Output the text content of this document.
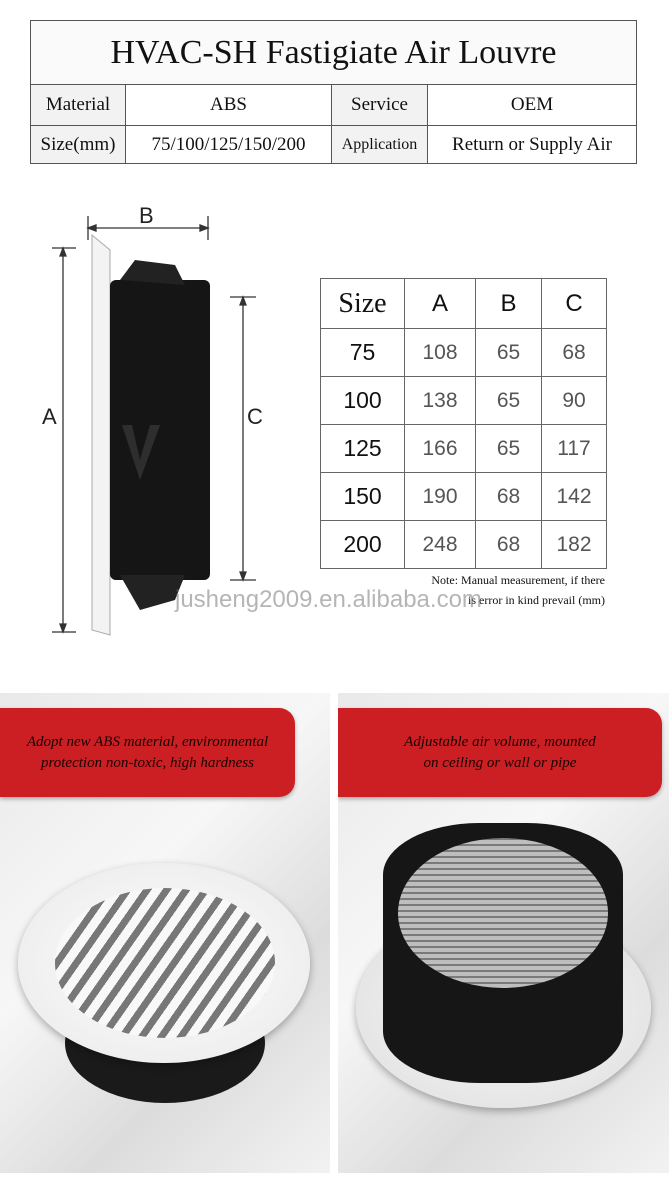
HVAC-SH Fastigiate Air Louvre			
Material	ABS	Service	OEM
Size(mm)	75/100/125/150/200	Application	Return or Supply Air
B
A	C
Size	A	B	C
75	108	65	68
100	138	65	90
125	166	65	117
150	190	68	142
200	248	68	182
Note: Manual measurement, if there
is error in kind prevail (mm)
jusheng2009.en.alibaba.com
Adopt new ABS material, environmental
protection non-toxic, high hardness
Adjustable air volume, mounted
on ceiling or wall or pipe
